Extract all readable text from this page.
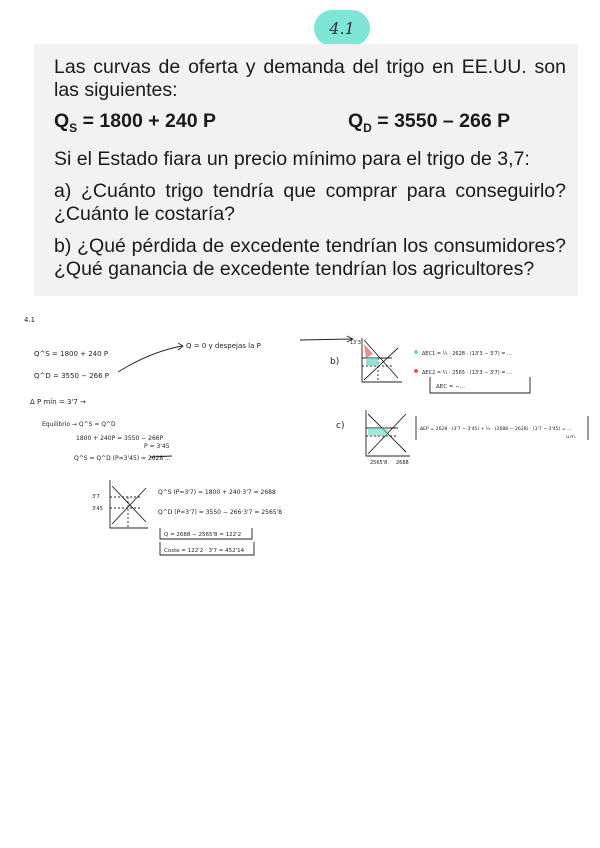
4.1

Las curvas de oferta y demanda del trigo en EE.UU. son las siguientes:

$Q_S = 1800 + 240$ P	$Q_D = 3550 - 266$ P

Si el Estado fiara un precio mínimo para el trigo de 3,7:

a) ¿Cuánto trigo tendría que comprar para conseguirlo? ¿Cuánto le costaría?

b) ¿Qué pérdida de excedente tendrían los consumidores? ¿Qué ganancia de excedente tendrían los agricultores?

4.1
Q^S = 1800 + 240 P
Q^D = 3550 − 266 P
Δ P mín = 3'7 →
Q = 0 y despejas la P
Equilibrio → Q^S = Q^D
1800 + 240P = 3550 − 266P
P = 3'45
Q^S = Q^D (P=3'45) = 2628'...
Q^S (P=3'7) = 1800 + 240·3'7 = 2688
Q^D (P=3'7) = 3550 − 266·3'7 = 2565'8
Q = 2688 − 2565'8 = 122'2
Coste = 122'2 · 3'7 = 452'14
3'7
3'45
b)
c)
13'3
ΔEC1 = ½ · 2628 · (13'3 − 3'7) = ...
ΔEC2 = ½ · 2565 · (13'3 − 3'7) = ...
ΔEC = −...
ΔEP = 2628 · (3'7 − 3'45) + ½ · (2688 − 2628) · (3'7 − 3'45) = ...
u.m.
2565'8 2688
